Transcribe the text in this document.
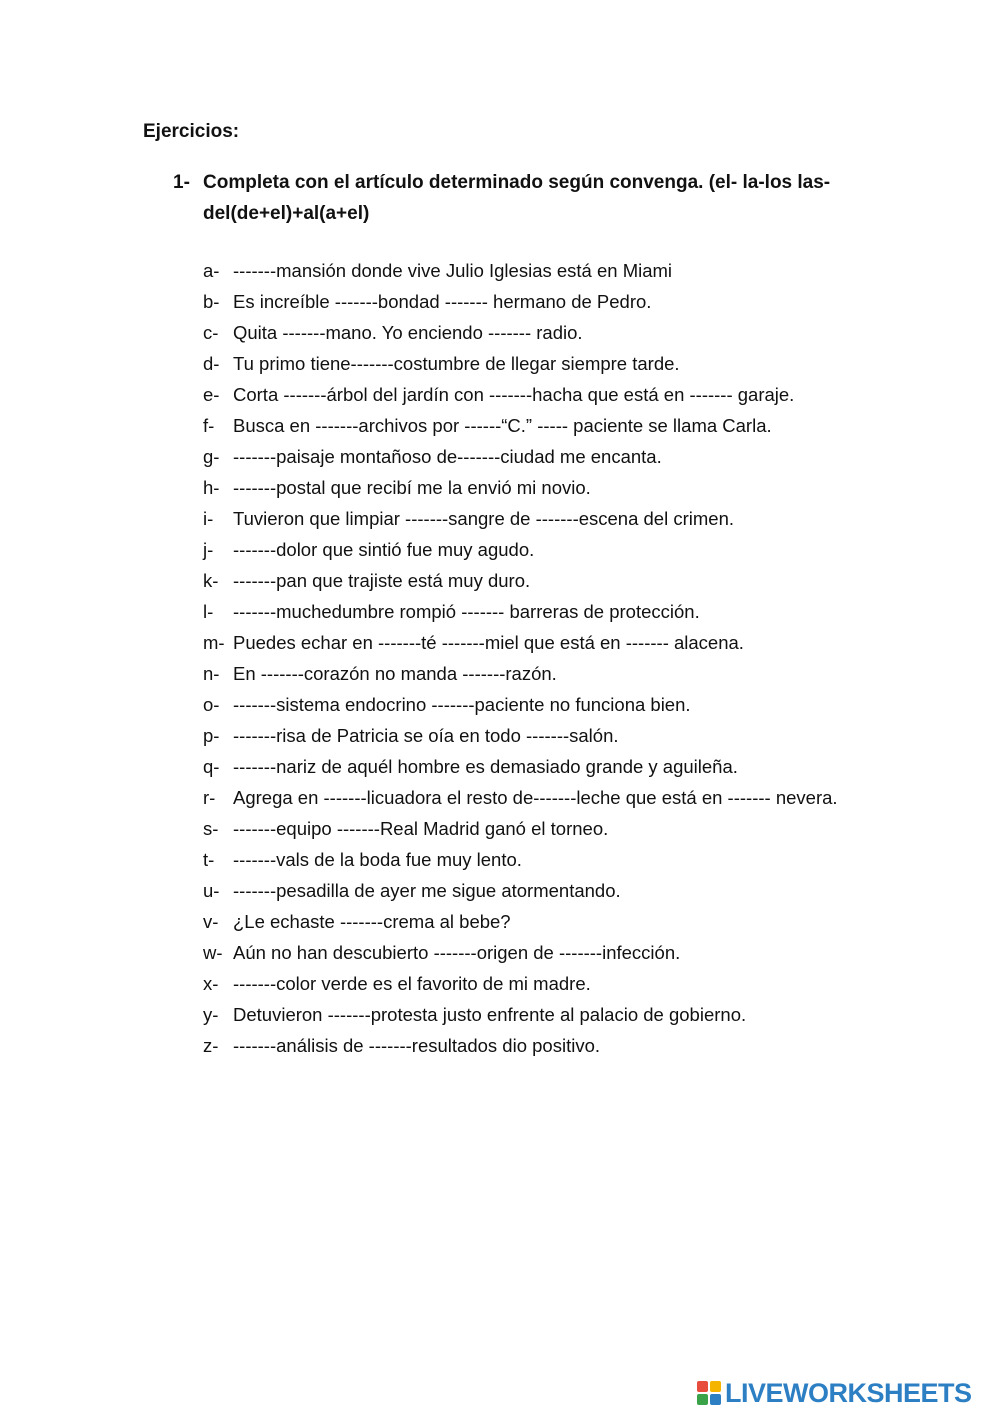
Ejercicios:
1- Completa con el artículo determinado según convenga. (el- la-los las-del(de+el)+al(a+el)
a- -------mansión donde vive Julio Iglesias está en Miami
b- Es increíble -------bondad ------- hermano de Pedro.
c- Quita -------mano. Yo enciendo ------- radio.
d- Tu primo tiene-------costumbre de llegar siempre tarde.
e- Corta -------árbol del jardín con -------hacha que está en ------- garaje.
f- Busca en -------archivos por ------“C.” ----- paciente se llama Carla.
g- -------paisaje montañoso de-------ciudad me encanta.
h- -------postal que recibí me la envió mi novio.
i- Tuvieron que limpiar -------sangre de -------escena del crimen.
j- -------dolor que sintió fue muy agudo.
k- -------pan que trajiste está muy duro.
l- -------muchedumbre rompió ------- barreras de protección.
m- Puedes echar en -------té -------miel que está en ------- alacena.
n- En -------corazón no manda -------razón.
o- -------sistema endocrino -------paciente no funciona bien.
p- -------risa de Patricia se oía en todo -------salón.
q- -------nariz de aquél hombre es demasiado grande y aguileña.
r- Agrega en -------licuadora el resto de-------leche que está en ------- nevera.
s- -------equipo -------Real Madrid ganó el torneo.
t- -------vals de la boda fue muy lento.
u- -------pesadilla de ayer me sigue atormentando.
v- ¿Le echaste -------crema al bebe?
w- Aún no han descubierto -------origen de -------infección.
x- -------color verde es el favorito de mi madre.
y- Detuvieron -------protesta justo enfrente al palacio de gobierno.
z- -------análisis de -------resultados dio positivo.
LIVEWORKSHEETS
